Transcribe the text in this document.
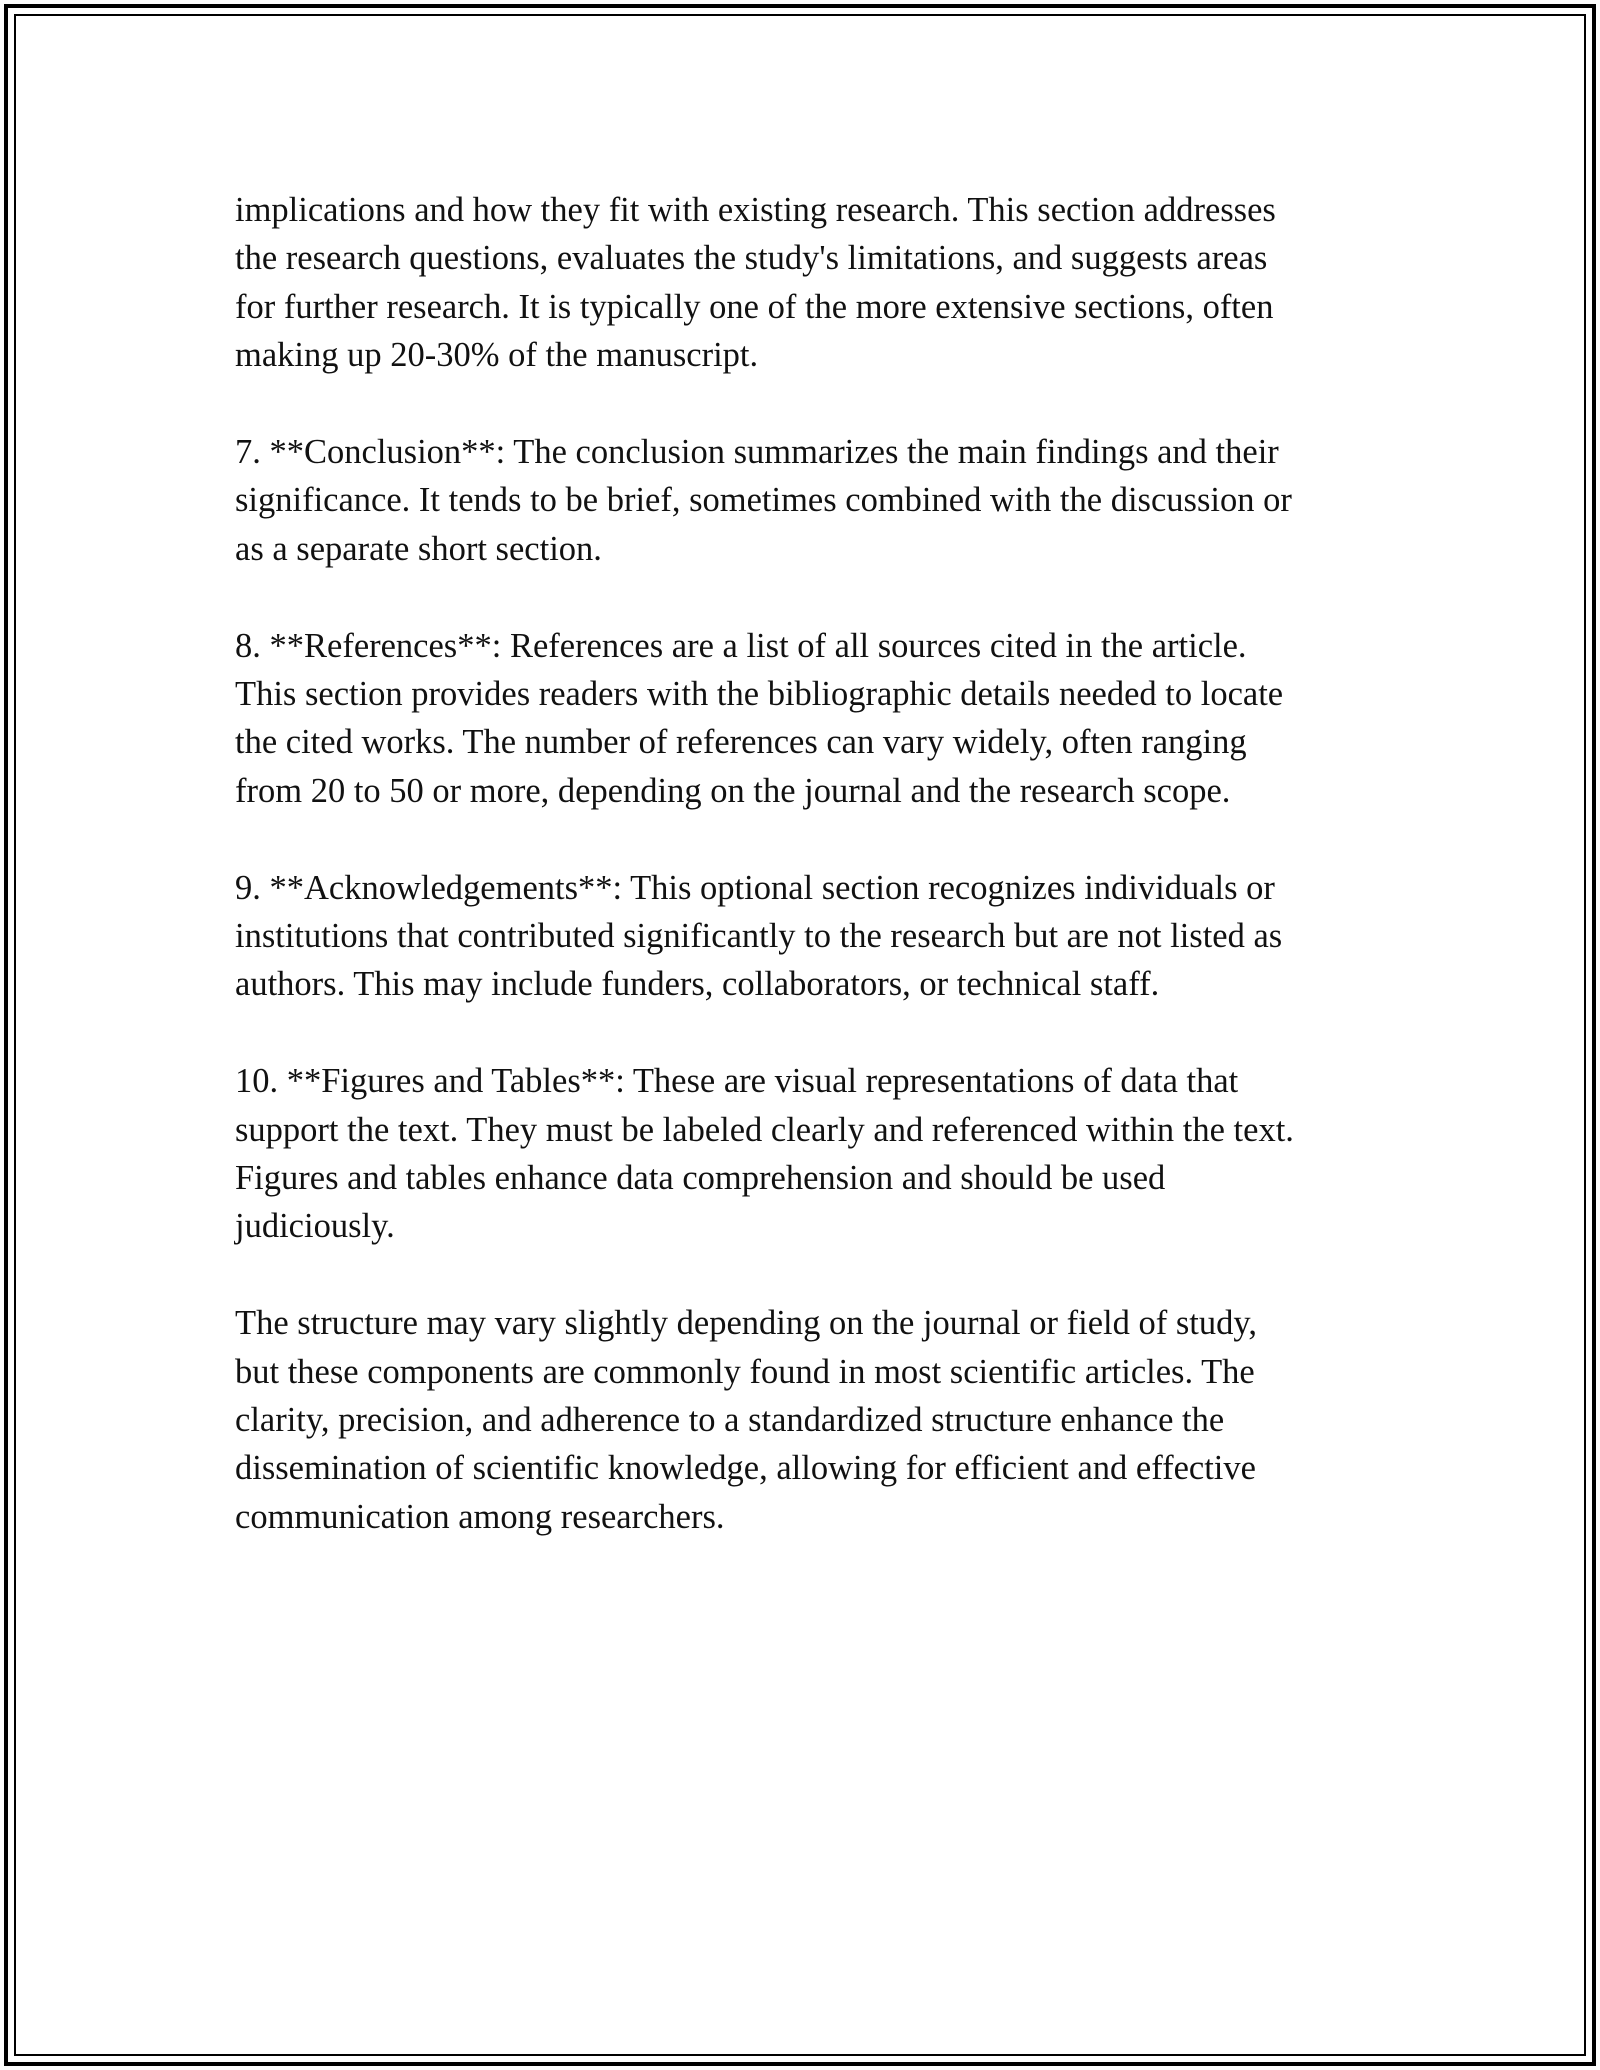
implications and how they fit with existing research. This section addresses
the research questions, evaluates the study's limitations, and suggests areas
for further research. It is typically one of the more extensive sections, often
making up 20-30% of the manuscript.

7. **Conclusion**: The conclusion summarizes the main findings and their
significance. It tends to be brief, sometimes combined with the discussion or
as a separate short section.

8. **References**: References are a list of all sources cited in the article.
This section provides readers with the bibliographic details needed to locate
the cited works. The number of references can vary widely, often ranging
from 20 to 50 or more, depending on the journal and the research scope.

9. **Acknowledgements**: This optional section recognizes individuals or
institutions that contributed significantly to the research but are not listed as
authors. This may include funders, collaborators, or technical staff.

10. **Figures and Tables**: These are visual representations of data that
support the text. They must be labeled clearly and referenced within the text.
Figures and tables enhance data comprehension and should be used
judiciously.

The structure may vary slightly depending on the journal or field of study,
but these components are commonly found in most scientific articles. The
clarity, precision, and adherence to a standardized structure enhance the
dissemination of scientific knowledge, allowing for efficient and effective
communication among researchers.
